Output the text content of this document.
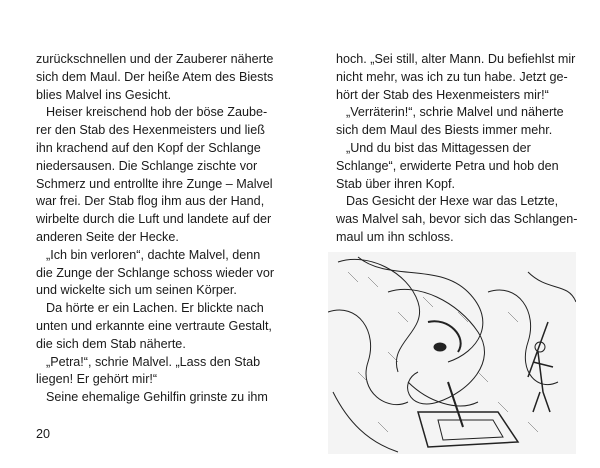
zurückschnellen und der Zauberer näherte

sich dem Maul. Der heiße Atem des Biests

blies Malvel ins Gesicht.

Heiser kreischend hob der böse Zaube-

rer den Stab des Hexenmeisters und ließ

ihn krachend auf den Kopf der Schlange

niedersausen. Die Schlange zischte vor

Schmerz und entrollte ihre Zunge – Malvel

war frei. Der Stab flog ihm aus der Hand,

wirbelte durch die Luft und landete auf der

anderen Seite der Hecke.

„Ich bin verloren“, dachte Malvel, denn

die Zunge der Schlange schoss wieder vor

und wickelte sich um seinen Körper.

Da hörte er ein Lachen. Er blickte nach

unten und erkannte eine vertraute Gestalt,

die sich dem Stab näherte.

„Petra!“, schrie Malvel. „Lass den Stab

liegen! Er gehört mir!“

Seine ehemalige Gehilfin grinste zu ihm

20

hoch. „Sei still, alter Mann. Du befiehlst mir

nicht mehr, was ich zu tun habe. Jetzt ge-

hört der Stab des Hexenmeisters mir!“

„Verräterin!“, schrie Malvel und näherte

sich dem Maul des Biests immer mehr.

„Und du bist das Mittagessen der

Schlange“, erwiderte Petra und hob den

Stab über ihren Kopf.

Das Gesicht der Hexe war das Letzte,

was Malvel sah, bevor sich das Schlangen-

maul um ihn schloss.
